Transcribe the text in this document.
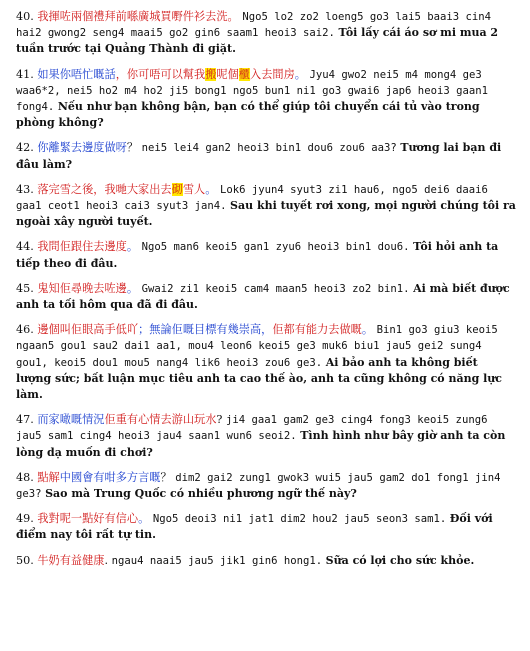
40. 我揮咗兩個禮拜前喺廣城買嘢件衫去洗。 Ngo5 lo2 zo2 loeng5 go3 lai5 baai3 cin4 hai2 gwong2 seng4 maai5 go2 gin6 saam1 heoi3 sai2. Tôi lấy cái áo sơ mi mua 2 tuần trước tại Quảng Thành đi giặt.
41. 如果你唔忙嘅話，你可唔可以幫我搬呢個櫃入去間房。 Jyu4 gwo2 nei5 m4 mong4 ge3 waa6*2, nei5 ho2 m4 ho2 ji5 bong1 ngo5 bun1 ni1 go3 gwai6 jap6 heoi3 gaan1 fong4. Nếu như bạn không bận, bạn có thể giúp tôi chuyển cái tủ vào trong phòng không?
42. 你離緊去邊度做呀？ nei5 lei4 gan2 heoi3 bin1 dou6 zou6 aa3? Tương lai bạn đi đâu làm?
43. 落完雪之後，我哋大家出去砌雪人。 Lok6 jyun4 syut3 zi1 hau6, ngo5 dei6 daai6 gaa1 ceot1 heoi3 cai3 syut3 jan4. Sau khi tuyết rơi xong, mọi người chúng tôi ra ngoài xây người tuyết.
44. 我問佢跟住去邊度。 Ngo5 man6 keoi5 gan1 zyu6 heoi3 bin1 dou6. Tôi hỏi anh ta tiếp theo đi đâu.
45. 鬼知佢尋晚去咗邊。 Gwai2 zi1 keoi5 cam4 maan5 heoi3 zo2 bin1. Ai mà biết được anh ta tối hôm qua đã đi đâu.
46. 邊個叫佢眼高手低吖；無論佢嘅目標有幾崇高，佢都有能力去做嘅。 Bin1 go3 giu3 keoi5 ngaan5 gou1 sau2 dai1 aa1, mou4 leon6 keoi5 ge3 muk6 biu1 jau5 gei2 sung4 gou1, keoi5 dou1 mou5 nang4 lik6 heoi3 zou6 ge3. Ai bảo anh ta không biết lượng sức; bất luận mục tiêu anh ta cao thế ào, anh ta cũng không có năng lực làm.
47. 而家噉嘅情況佢重有心情去游山玩水? ji4 gaa1 gam2 ge3 cing4 fong3 keoi5 zung6 jau5 sam1 cing4 heoi3 jau4 saan1 wun6 seoi2. Tình hình như bây giờ anh ta còn lòng dạ muốn đi chơi?
48. 點解中國會有咁多方言嘅？ dim2 gai2 zung1 gwok3 wui5 jau5 gam2 do1 fong1 jin4 ge3? Sao mà Trung Quốc có nhiều phương ngữ thế này?
49. 我對呢一點好有信心。 Ngo5 deoi3 ni1 jat1 dim2 hou2 jau5 seon3 sam1. Đối với điểm nay tôi rất tự tin.
50. 牛奶有益健康. ngau4 naai5 jau5 jik1 gin6 hong1. Sữa có lợi cho sức khỏe.
